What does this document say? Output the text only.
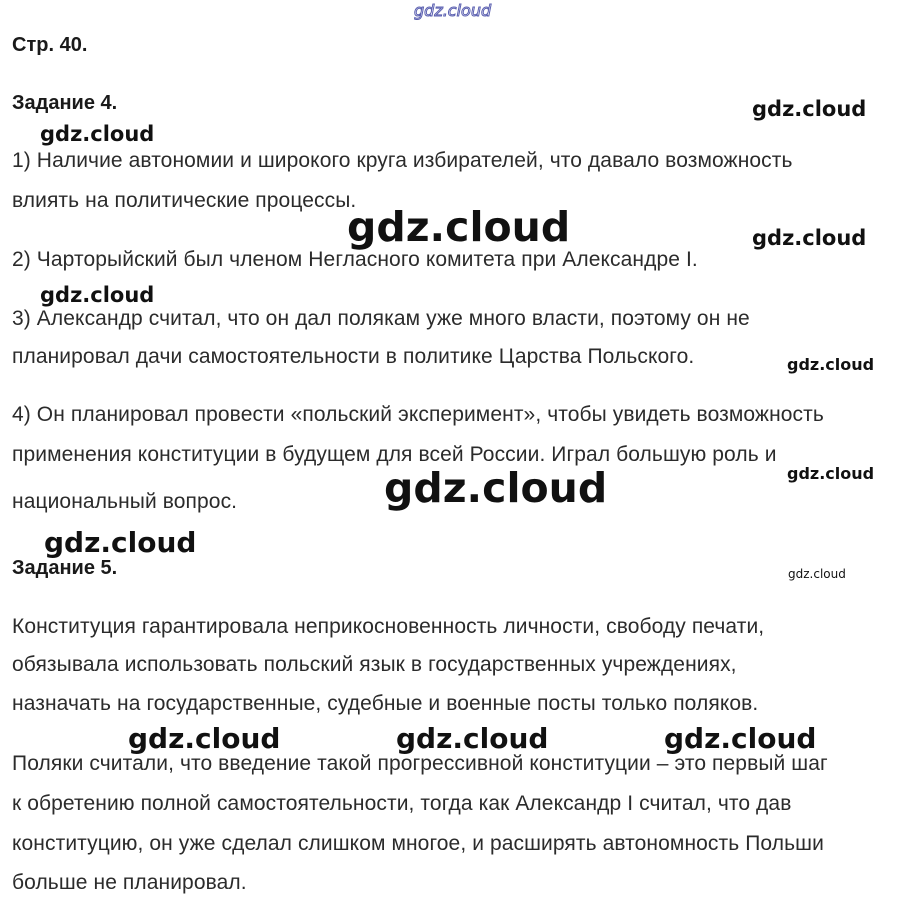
gdz.cloud
Стр. 40.
Задание 4.
1) Наличие автономии и широкого круга избирателей, что давало возможность
влиять на политические процессы.
2) Чарторыйский был членом Негласного комитета при Александре I.
3) Александр считал, что он дал полякам уже много власти, поэтому он не
планировал дачи самостоятельности в политике Царства Польского.
4) Он планировал провести «польский эксперимент», чтобы увидеть возможность
применения конституции в будущем для всей России. Играл большую роль и
национальный вопрос.
Задание 5.
Конституция гарантировала неприкосновенность личности, свободу печати,
обязывала использовать польский язык в государственных учреждениях,
назначать на государственные, судебные и военные посты только поляков.
Поляки считали, что введение такой прогрессивной конституции – это первый шаг
к обретению полной самостоятельности, тогда как Александр I считал, что дав
конституцию, он уже сделал слишком многое, и расширять автономность Польши
больше не планировал.
gdz.cloud
gdz.cloud
gdz.cloud	gdz.cloud
gdz.cloud
gdz.cloud
gdz.cloud
gdz.cloud
gdz.cloud
gdz.cloud
gdz.cloud	gdz.cloud	gdz.cloud
